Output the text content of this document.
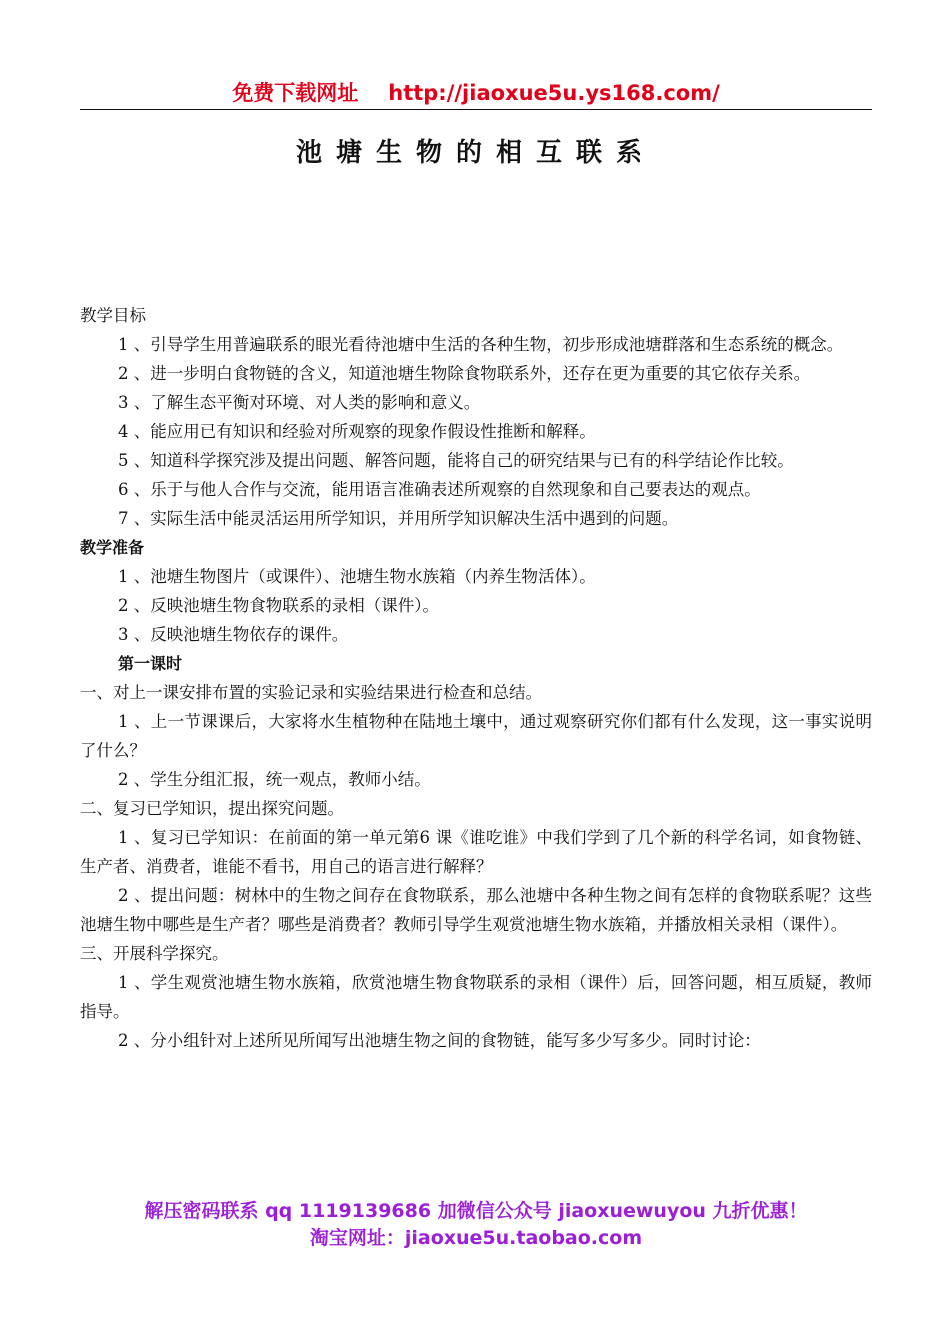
免费下载网址 http://jiaoxue5u.ys168.com/
池塘生物的相互联系

教学目标

1 、引导学生用普遍联系的眼光看待池塘中生活的各种生物，初步形成池塘群落和生态系统的概念。

2 、进一步明白食物链的含义，知道池塘生物除食物联系外，还存在更为重要的其它依存关系。

3 、了解生态平衡对环境、对人类的影响和意义。

4 、能应用已有知识和经验对所观察的现象作假设性推断和解释。

5 、知道科学探究涉及提出问题、解答问题，能将自己的研究结果与已有的科学结论作比较。

6 、乐于与他人合作与交流，能用语言准确表述所观察的自然现象和自己要表达的观点。

7 、实际生活中能灵活运用所学知识，并用所学知识解决生活中遇到的问题。

教学准备

1 、池塘生物图片（或课件）、池塘生物水族箱（内养生物活体）。

2 、反映池塘生物食物联系的录相（课件）。

3 、反映池塘生物依存的课件。

第一课时

一、对上一课安排布置的实验记录和实验结果进行检查和总结。

1 、上一节课课后，大家将水生植物种在陆地土壤中，通过观察研究你们都有什么发现，这一事实说明了什么？

2 、学生分组汇报，统一观点，教师小结。

二、复习已学知识，提出探究问题。

1 、复习已学知识：在前面的第一单元第6 课《谁吃谁》中我们学到了几个新的科学名词，如食物链、生产者、消费者，谁能不看书，用自己的语言进行解释？

2 、提出问题：树林中的生物之间存在食物联系，那么池塘中各种生物之间有怎样的食物联系呢？这些池塘生物中哪些是生产者？哪些是消费者？教师引导学生观赏池塘生物水族箱，并播放相关录相（课件）。

三、开展科学探究。

1 、学生观赏池塘生物水族箱，欣赏池塘生物食物联系的录相（课件）后，回答问题，相互质疑，教师指导。

2 、分小组针对上述所见所闻写出池塘生物之间的食物链，能写多少写多少。同时讨论：

解压密码联系 qq 1119139686 加微信公众号 jiaoxuewuyou 九折优惠！
淘宝网址：jiaoxue5u.taobao.com
